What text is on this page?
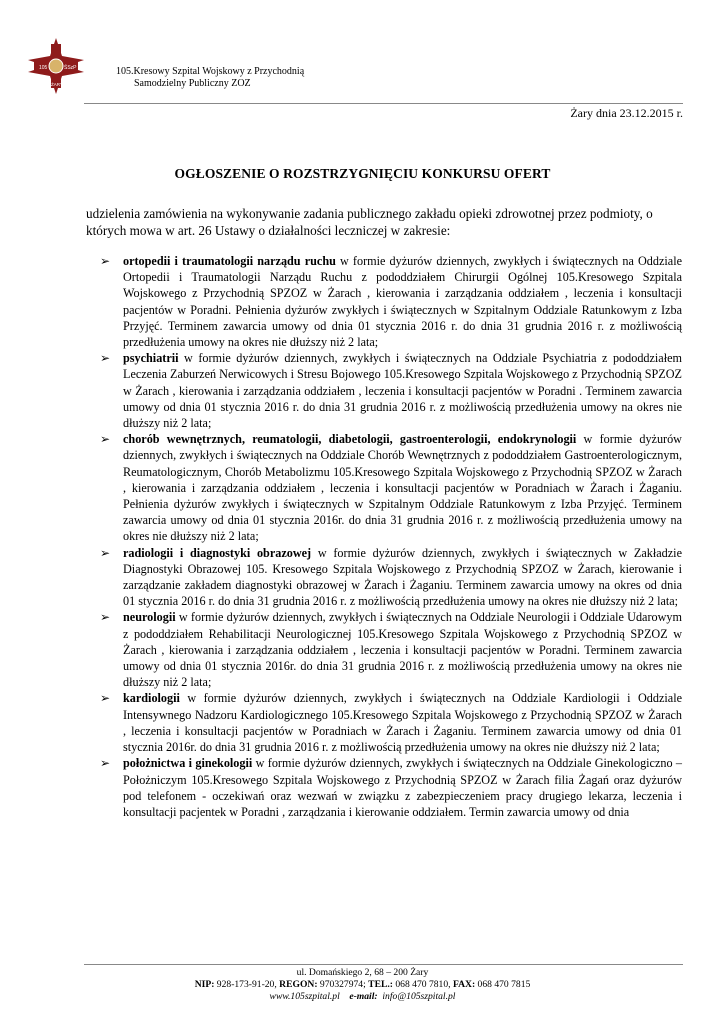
105	ŚSzP
ŻARY
105.Kresowy Szpital Wojskowy z Przychodnią
Samodzielny Publiczny ZOZ
Żary dnia 23.12.2015 r.
OGŁOSZENIE O ROZSTRZYGNIĘCIU KONKURSU OFERT
udzielenia zamówienia na wykonywanie zadania publicznego zakładu opieki zdrowotnej przez podmioty, o których mowa w art. 26 Ustawy o działalności leczniczej w zakresie:
➢ ortopedii i traumatologii narządu ruchu w formie dyżurów dziennych, zwykłych i świątecznych na Oddziale Ortopedii i Traumatologii Narządu Ruchu z pododdziałem Chirurgii Ogólnej 105.Kresowego Szpitala Wojskowego z Przychodnią SPZOZ w Żarach , kierowania i zarządzania oddziałem , leczenia i konsultacji pacjentów w Poradni. Pełnienia dyżurów zwykłych i świątecznych w Szpitalnym Oddziale Ratunkowym z Izba Przyjęć. Terminem zawarcia umowy od dnia 01 stycznia 2016 r. do dnia 31 grudnia 2016 r. z możliwością przedłużenia umowy na okres nie dłuższy niż 2 lata;
➢ psychiatrii w formie dyżurów dziennych, zwykłych i świątecznych na Oddziale Psychiatria z pododdziałem Leczenia Zaburzeń Nerwicowych i Stresu Bojowego 105.Kresowego Szpitala Wojskowego z Przychodnią SPZOZ w Żarach , kierowania i zarządzania oddziałem , leczenia i konsultacji pacjentów w Poradni . Terminem zawarcia umowy od dnia 01 stycznia 2016 r. do dnia 31 grudnia 2016 r. z możliwością przedłużenia umowy na okres nie dłuższy niż 2 lata;
➢ chorób wewnętrznych, reumatologii, diabetologii, gastroenterologii, endokrynologii w formie dyżurów dziennych, zwykłych i świątecznych na Oddziale Chorób Wewnętrznych z pododdziałem Gastroenterologicznym, Reumatologicznym, Chorób Metabolizmu 105.Kresowego Szpitala Wojskowego z Przychodnią SPZOZ w Żarach , kierowania i zarządzania oddziałem , leczenia i konsultacji pacjentów w Poradniach w Żarach i Żaganiu. Pełnienia dyżurów zwykłych i świątecznych w Szpitalnym Oddziale Ratunkowym z Izba Przyjęć. Terminem zawarcia umowy od dnia 01 stycznia 2016r. do dnia 31 grudnia 2016 r. z możliwością przedłużenia umowy na okres nie dłuższy niż 2 lata;
➢ radiologii i diagnostyki obrazowej w formie dyżurów dziennych, zwykłych i świątecznych w Zakładzie Diagnostyki Obrazowej 105. Kresowego Szpitala Wojskowego z Przychodnią SPZOZ w Żarach, kierowanie i zarządzanie zakładem diagnostyki obrazowej w Żarach i Żaganiu. Terminem zawarcia umowy na okres od dnia 01 stycznia 2016 r. do dnia 31 grudnia 2016 r. z możliwością przedłużenia umowy na okres nie dłuższy niż 2 lata;
➢ neurologii w formie dyżurów dziennych, zwykłych i świątecznych na Oddziale Neurologii i Oddziale Udarowym z pododdziałem Rehabilitacji Neurologicznej 105.Kresowego Szpitala Wojskowego z Przychodnią SPZOZ w Żarach , kierowania i zarządzania oddziałem , leczenia i konsultacji pacjentów w Poradni. Terminem zawarcia umowy od dnia 01 stycznia 2016r. do dnia 31 grudnia 2016 r. z możliwością przedłużenia umowy na okres nie dłuższy niż 2 lata;
➢ kardiologii w formie dyżurów dziennych, zwykłych i świątecznych na Oddziale Kardiologii i Oddziale Intensywnego Nadzoru Kardiologicznego 105.Kresowego Szpitala Wojskowego z Przychodnią SPZOZ w Żarach , leczenia i konsultacji pacjentów w Poradniach w Żarach i Żaganiu. Terminem zawarcia umowy od dnia 01 stycznia 2016r. do dnia 31 grudnia 2016 r. z możliwością przedłużenia umowy na okres nie dłuższy niż 2 lata;
➢ położnictwa i ginekologii w formie dyżurów dziennych, zwykłych i świątecznych na Oddziale Ginekologiczno – Położniczym 105.Kresowego Szpitala Wojskowego z Przychodnią SPZOZ w Żarach filia Żagań oraz dyżurów pod telefonem - oczekiwań oraz wezwań w związku z zabezpieczeniem pracy drugiego lekarza, leczenia i konsultacji pacjentek w Poradni , zarządzania i kierowanie oddziałem. Termin zawarcia umowy od dnia
ul. Domańskiego 2, 68 – 200 Żary
NIP: 928-173-91-20, REGON: 970327974; TEL.: 068 470 7810, FAX: 068 470 7815
www.105szpital.pl e-mail: info@105szpital.pl
